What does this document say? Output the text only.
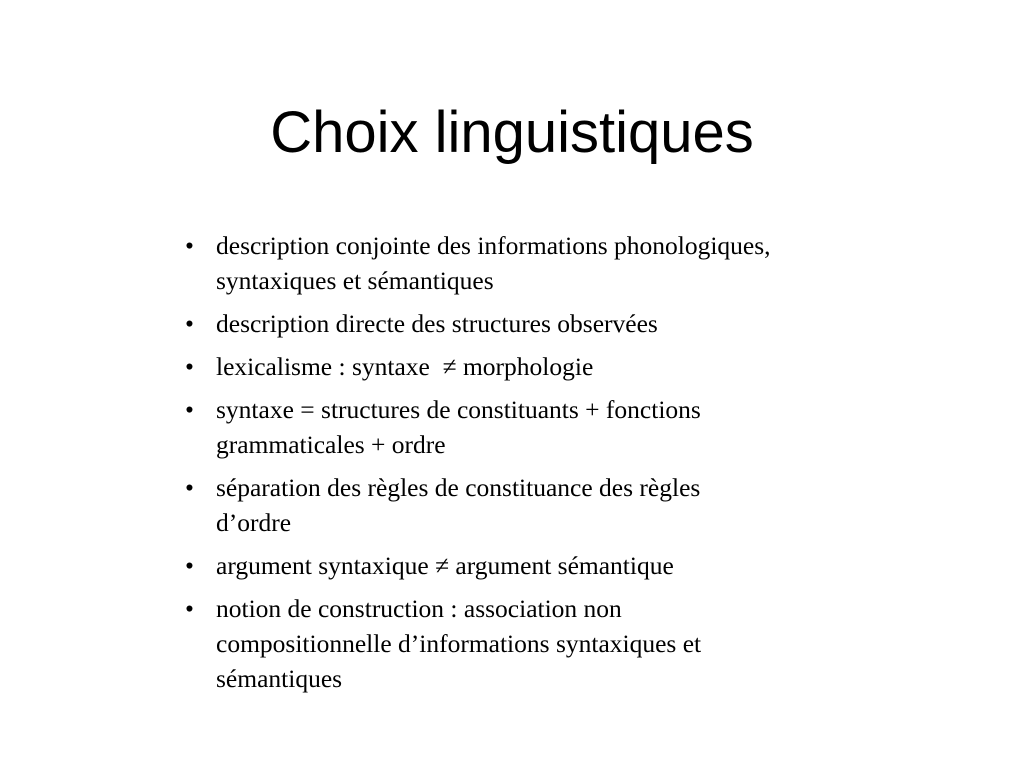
Choix linguistiques
• description conjointe des informations phonologiques,
syntaxiques et sémantiques
• description directe des structures observées
• lexicalisme : syntaxe  ≠ morphologie
• syntaxe = structures de constituants + fonctions
grammaticales + ordre
• séparation des règles de constituance des règles
d’ordre
• argument syntaxique ≠ argument sémantique
• notion de construction : association non
compositionnelle d’informations syntaxiques et
sémantiques
